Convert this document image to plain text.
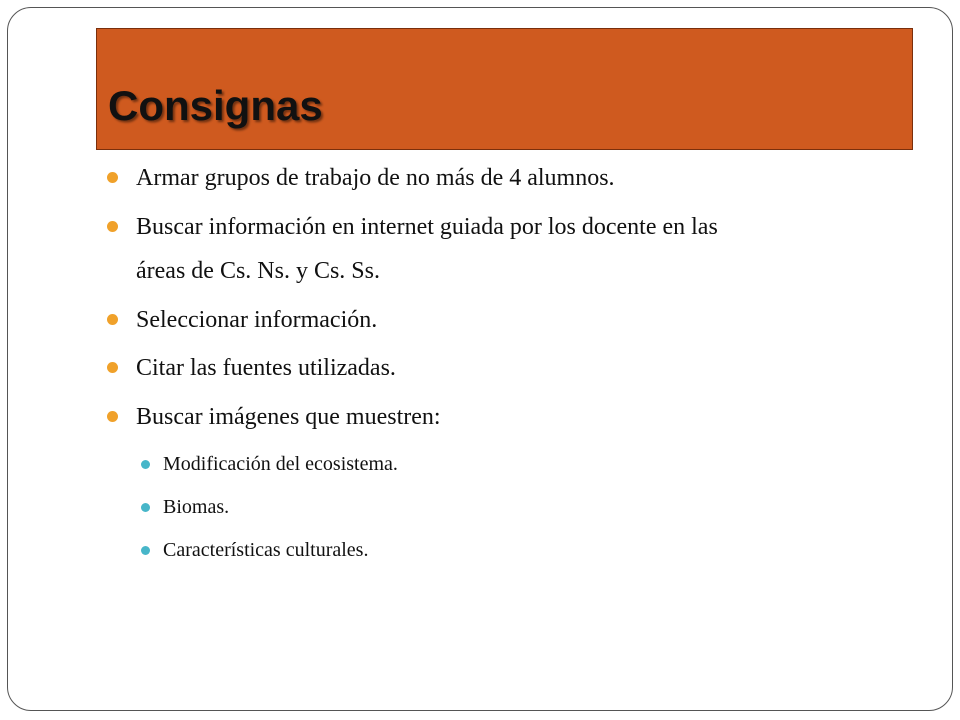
Consignas
Armar grupos de trabajo de no más de 4 alumnos.
Buscar información en internet guiada por los docente en las
áreas de Cs. Ns. y Cs. Ss.
Seleccionar información.
Citar las fuentes utilizadas.
Buscar imágenes que muestren:
Modificación del ecosistema.
Biomas.
Características culturales.
